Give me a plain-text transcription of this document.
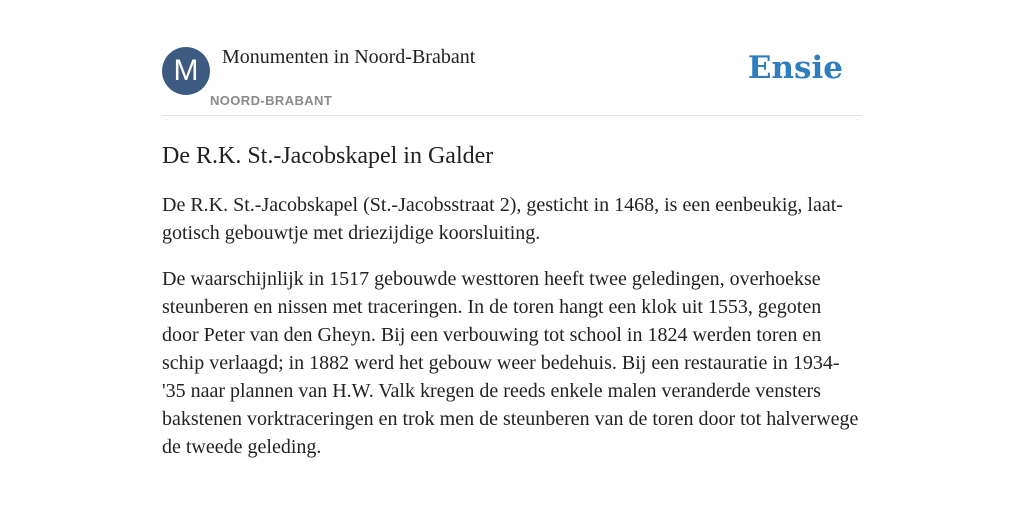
M	Monumenten in Noord-Brabant
NOORD-BRABANT
Ensie
De R.K. St.-Jacobskapel in Galder

De R.K. St.-Jacobskapel (St.-Jacobsstraat 2), gesticht in 1468, is een eenbeukig, laat-gotisch gebouwtje met driezijdige koorsluiting.

De waarschijnlijk in 1517 gebouwde westtoren heeft twee geledingen, overhoekse steunberen en nissen met traceringen. In de toren hangt een klok uit 1553, gegoten door Peter van den Gheyn. Bij een verbouwing tot school in 1824 werden toren en schip verlaagd; in 1882 werd het gebouw weer bedehuis. Bij een restauratie in 1934-'35 naar plannen van H.W. Valk kregen de reeds enkele malen veranderde vensters bakstenen vorktraceringen en trok men de steunberen van de toren door tot halverwege de tweede geleding.
